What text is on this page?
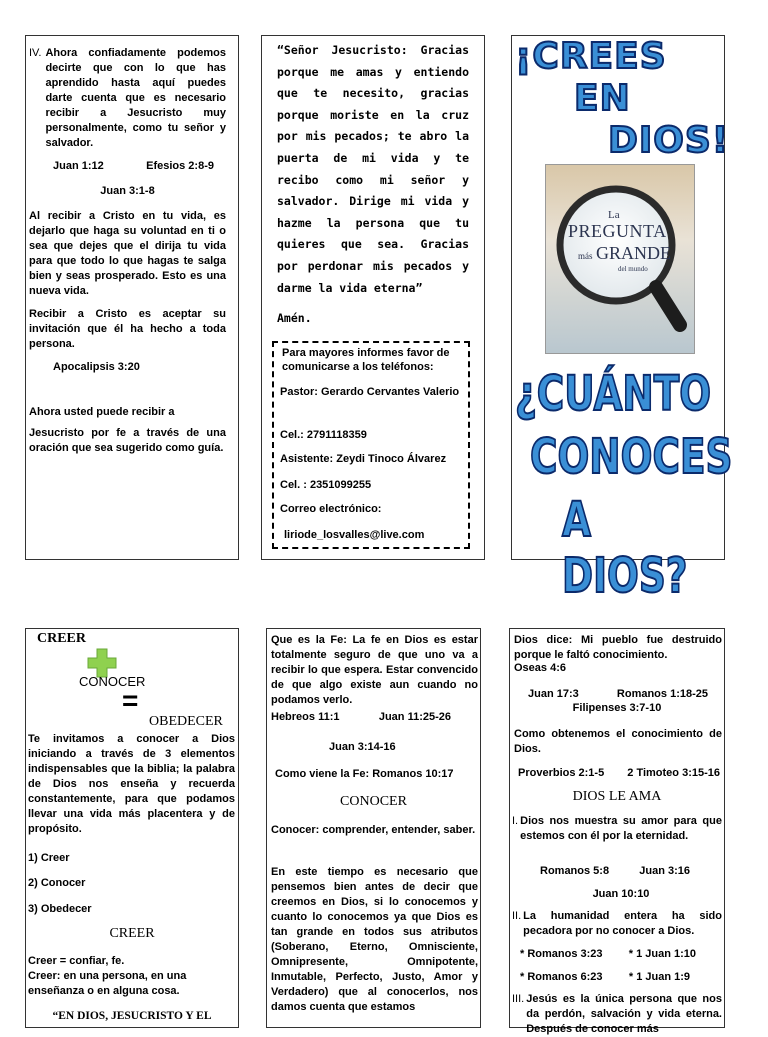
IV. Ahora confiadamente podemos decirte que con lo que has aprendido hasta aquí puedes darte cuenta que es necesario recibir a Jesucristo muy personalmente, como tu señor y salvador.

Juan 1:12	Efesios 2:8-9

Juan 3:1-8

Al recibir a Cristo en tu vida, es dejarlo que haga su voluntad en ti o sea que dejes que el dirija tu vida para que todo lo que hagas te salga bien y seas prosperado. Esto es una nueva vida.

Recibir a Cristo es aceptar su invitación que él ha hecho a toda persona.

Apocalipsis 3:20

Ahora usted puede recibir a

Jesucristo por fe a través de una oración que sea sugerido como guía.

“Señor Jesucristo: Gracias porque me amas y entiendo que te necesito, gracias porque moriste en la cruz por mis pecados; te abro la puerta de mi vida y te recibo como mi señor y salvador. Dirige mi vida y hazme la persona que tu quieres que sea. Gracias por perdonar mis pecados y darme la vida eterna”

Amén.

Para mayores informes favor de comunicarse a los teléfonos:

Pastor: Gerardo Cervantes Valerio

Cel.: 2791118359

Asistente: Zeydi Tinoco Álvarez

Cel. : 2351099255

Correo electrónico:

liriode_losvalles@live.com

¡CREES
EN
DIOS!
La
PREGUNTA
más GRANDE
del mundo
¿CUÁNTO
CONOCES
A DIOS?
CREER
CONOCER
=
OBEDECER

Te invitamos a conocer a Dios iniciando a través de 3 elementos indispensables que la biblia; la palabra de Dios nos enseña y recuerda constantemente, para que podamos llevar una vida más placentera y de propósito.

1) Creer

2) Conocer

3) Obedecer

CREER

Creer = confiar, fe.

Creer: en una persona, en una enseñanza o en alguna cosa.

“EN DIOS, JESUCRISTO Y EL

Que es la Fe: La fe en Dios es estar totalmente seguro de que uno va a recibir lo que espera. Estar convencido de que algo existe aun cuando no podamos verlo.

Hebreos 11:1	Juan 11:25-26

Juan 3:14-16

Como viene la Fe: Romanos 10:17

CONOCER

Conocer: comprender, entender, saber.

En este tiempo es necesario que pensemos bien antes de decir que creemos en Dios, si lo conocemos y cuanto lo conocemos ya que Dios es tan grande en todos sus atributos (Soberano, Eterno, Omnisciente, Omnipresente, Omnipotente, Inmutable, Perfecto, Justo, Amor y Verdadero) que al conocerlos, nos damos cuenta que estamos

Dios dice: Mi pueblo fue destruido porque le faltó conocimiento.

Oseas 4:6

Juan 17:3	Romanos 1:18-25

Filipenses 3:7-10

Como obtenemos el conocimiento de Dios.

Proverbios 2:1-5 2 Timoteo 3:15-16
DIOS LE AMA
I. Dios nos muestra su amor para que estemos con él por la eternidad.

Romanos 5:8	Juan 3:16

Juan 10:10

II. La humanidad entera ha sido pecadora por no conocer a Dios.

* Romanos 3:23 * 1 Juan 1:10
* Romanos 6:23 * 1 Juan 1:9
III. Jesús es la única persona que nos da perdón, salvación y vida eterna. Después de conocer más
